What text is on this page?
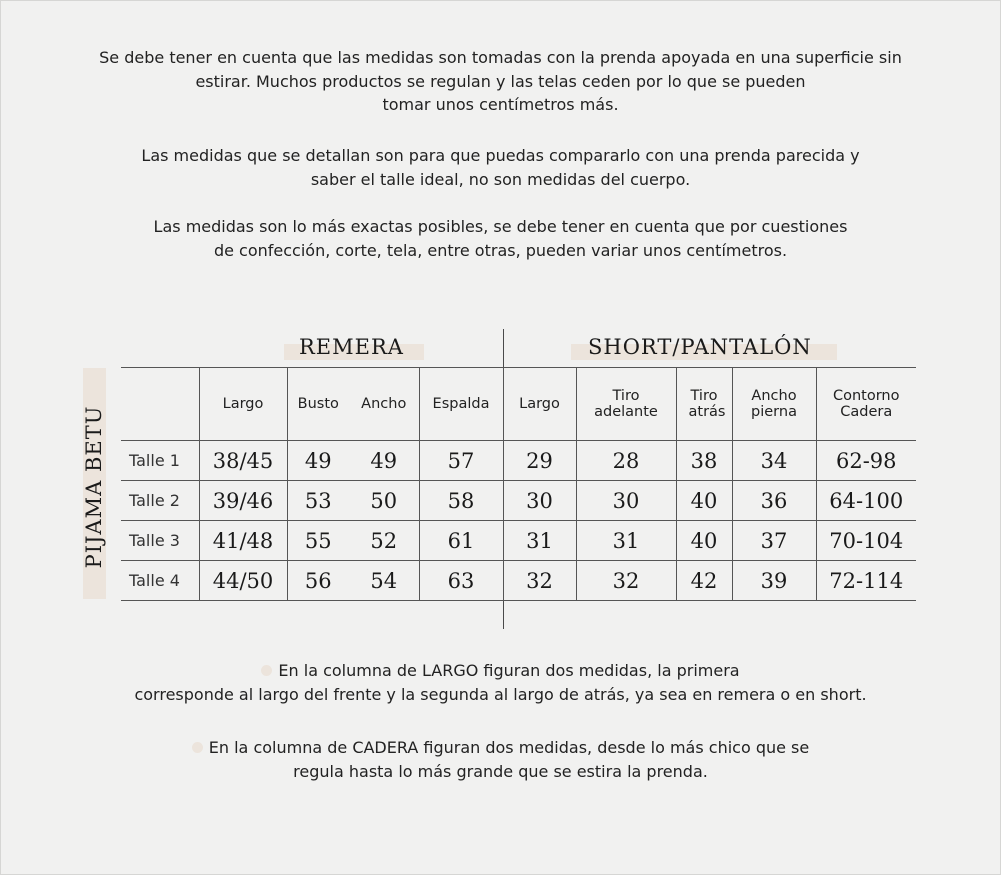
Se debe tener en cuenta que las medidas son tomadas con la prenda apoyada en una superficie sin
estirar. Muchos productos se regulan y las telas ceden por lo que se pueden
tomar unos centímetros más.
Las medidas que se detallan son para que puedas compararlo con una prenda parecida y
saber el talle ideal, no son medidas del cuerpo.
Las medidas son lo más exactas posibles, se debe tener en cuenta que por cuestiones
de confección, corte, tela, entre otras, pueden variar unos centímetros.
REMERA	SHORT/PANTALÓN
PIJAMA BETU
	Largo	Busto	Ancho	Espalda	Largo	Tiro adelante	Tiro atrás	Ancho pierna	Contorno Cadera
Talle 1	38/45	49	49	57	29	28	38	34	62-98
Talle 2	39/46	53	50	58	30	30	40	36	64-100
Talle 3	41/48	55	52	61	31	31	40	37	70-104
Talle 4	44/50	56	54	63	32	32	42	39	72-114
En la columna de LARGO figuran dos medidas, la primera
corresponde al largo del frente y la segunda al largo de atrás, ya sea en remera o en short.
En la columna de CADERA figuran dos medidas, desde lo más chico que se
regula hasta lo más grande que se estira la prenda.
